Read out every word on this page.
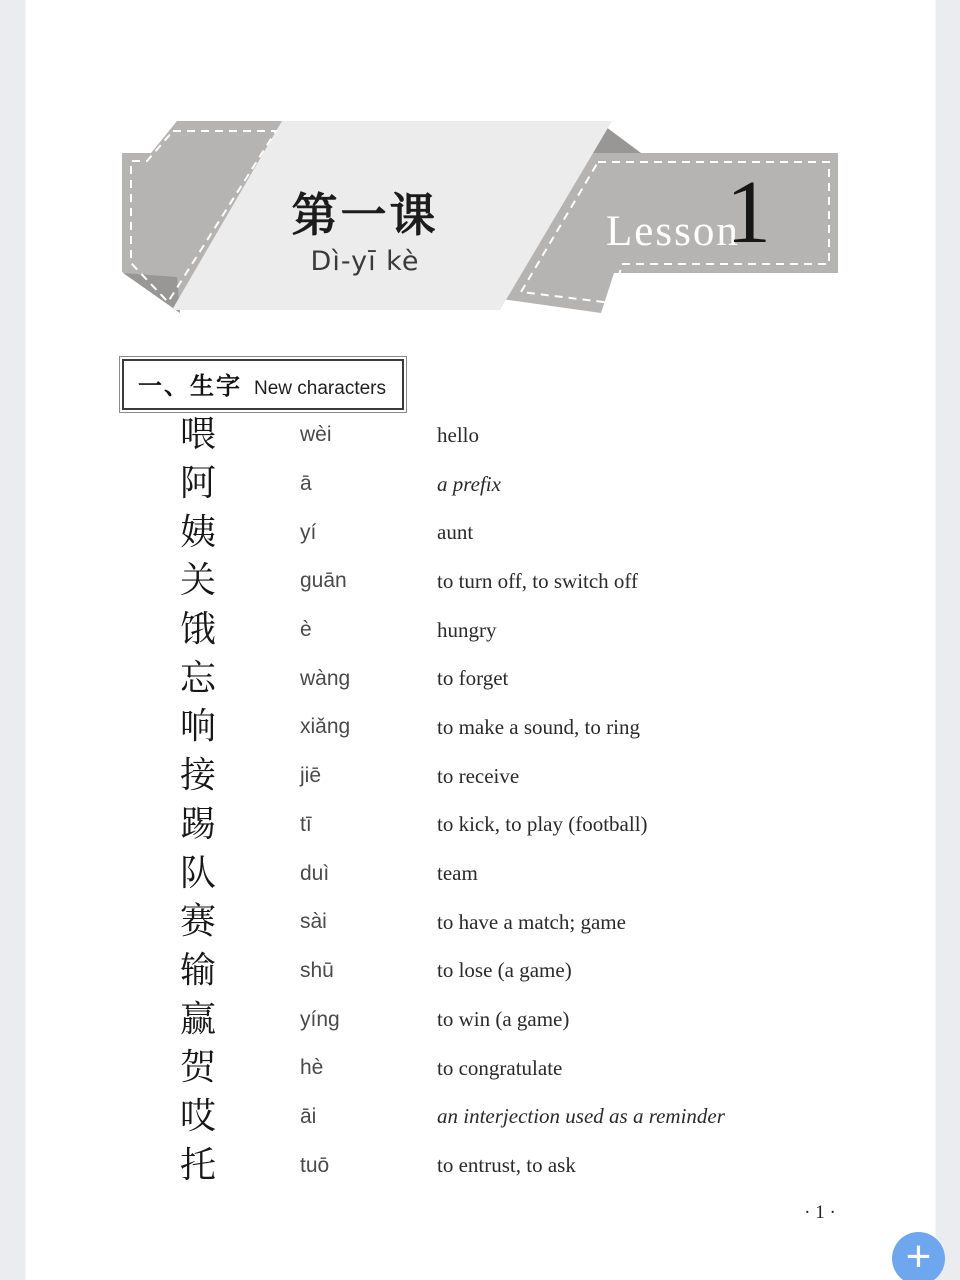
第一课
Dì-yī kè
Lesson
1
一、生字 New characters
喂	wèi	hello
阿	ā	a prefix
姨	yí	aunt
关	guān	to turn off, to switch off
饿	è	hungry
忘	wàng	to forget
响	xiǎng	to make a sound, to ring
接	jiē	to receive
踢	tī	to kick, to play (football)
队	duì	team
赛	sài	to have a match; game
输	shū	to lose (a game)
赢	yíng	to win (a game)
贺	hè	to congratulate
哎	āi	an interjection used as a reminder
托	tuō	to entrust, to ask
· 1 ·
+
